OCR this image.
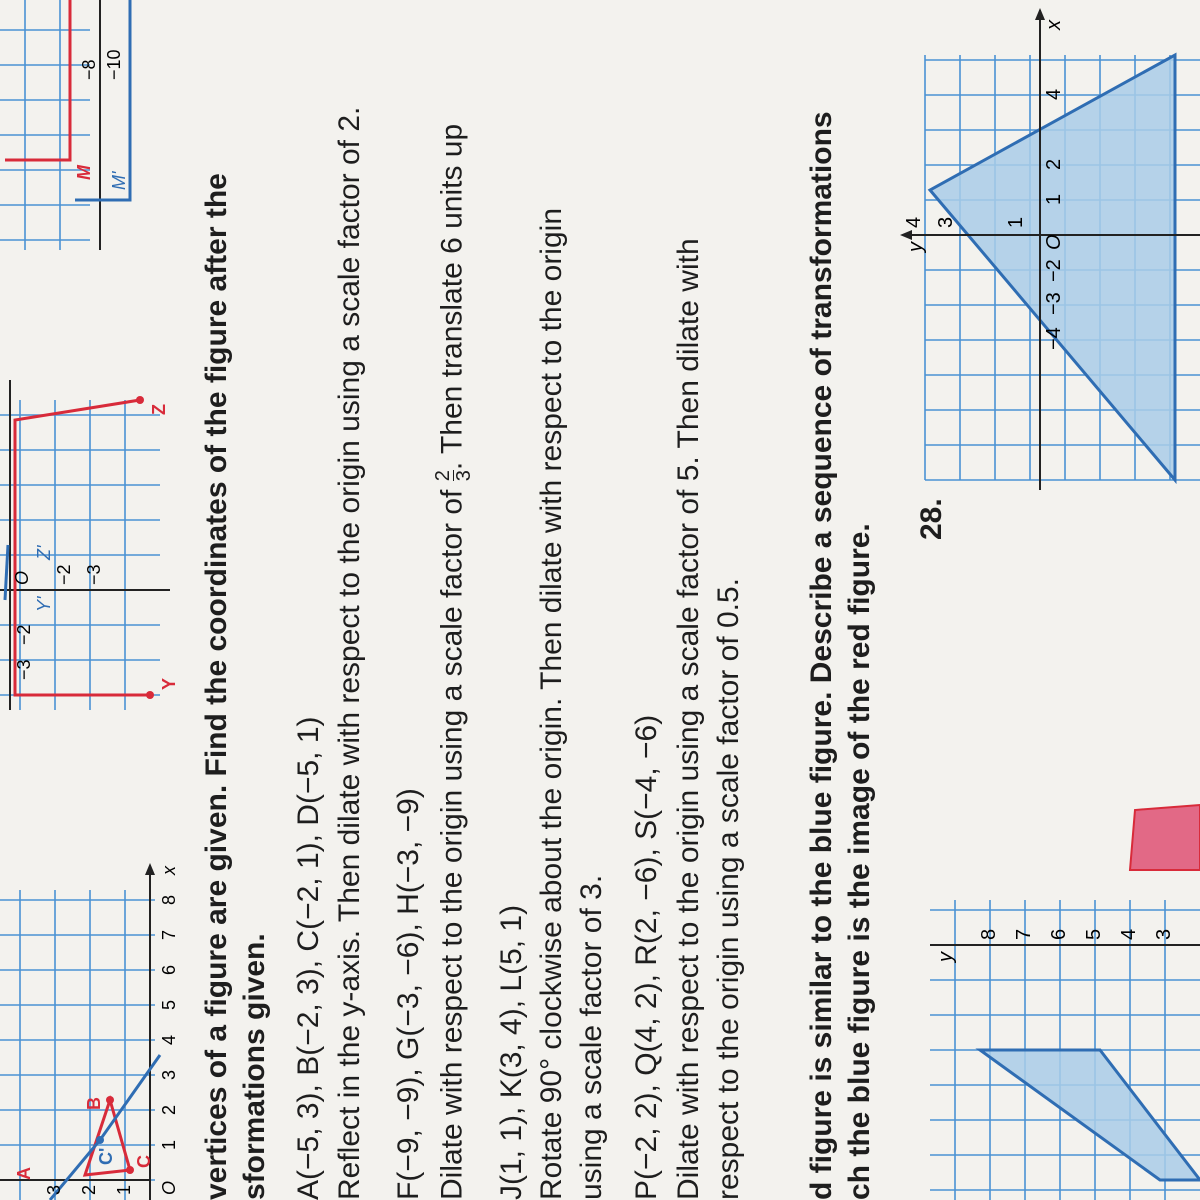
1
2
3
4
5
6
7
8
x
O
1
2
3
B
C
C'
A
−3
−2
O −2 −3
Y
Z
Y'
Z'
−8 −10
M M' vertices of a figure are given. Find the coordinates of the figure after the sformations given. A(−5, 3), B(−2, 3), C(−2, 1), D(−5, 1) Reflect in the y-axis. Then dilate with respect to the origin using a scale factor of 2. F(−9, −9), G(−3, −6), H(−3, −9) Dilate with respect to the origin using a scale factor of
2 3
. Then translate 6 units up
J(1, 1), K(3, 4), L(5, 1) Rotate 90° clockwise about the origin. Then dilate with respect to the origin using a scale factor of 3. P(−2, 2), Q(4, 2), R(2, −6), S(−4, −6) Dilate with respect to the origin using a scale factor of 5. Then dilate with respect to the origin using a scale factor of 0.5. d figure is similar to the blue figure. Describe a sequence of transformations ch the blue figure is the image of the red figure.
28.
−4
−3
−2
O
1
2
4
x
1
3
4
y
3
4
5
6
7
8
y
